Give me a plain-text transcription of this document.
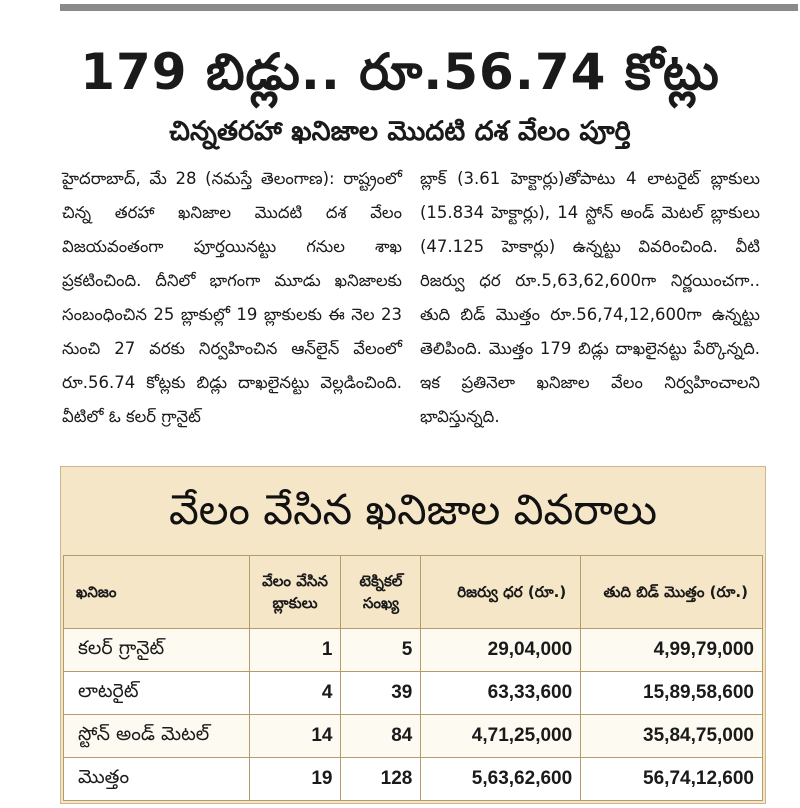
179 బిడ్లు.. రూ.56.74 కోట్లు
చిన్నతరహా ఖనిజాల మొదటి దశ వేలం పూర్తి

హైదరాబాద్‌, మే 28 (నమస్తే తెలంగాణ): రాష్ట్రంలో చిన్న తరహా ఖనిజాల మొదటి దశ వేలం విజయవంతంగా పూర్తయినట్టు గనుల శాఖ ప్రకటించింది. దీనిలో భాగంగా మూడు ఖనిజాలకు సంబంధించిన 25 బ్లాకుల్లో 19 బ్లాకులకు ఈ నెల 23 నుంచి 27 వరకు నిర్వహించిన ఆన్‌లైన్‌ వేలంలో రూ.56.74 కోట్లకు బిడ్లు దాఖలైనట్టు వెల్లడించింది. వీటిలో ఓ కలర్‌ గ్రానైట్‌

బ్లాక్‌ (3.61 హెక్టార్లు)తోపాటు 4 లాటరైట్‌ బ్లాకులు (15.834 హెక్టార్లు), 14 స్టోన్‌ అండ్‌ మెటల్‌ బ్లాకులు (47.125 హెకార్లు) ఉన్నట్టు వివరించింది. వీటి రిజర్వు ధర రూ.5,63,62,600గా నిర్ణయించగా.. తుది బిడ్‌ మొత్తం రూ.56,74,12,600గా ఉన్నట్టు తెలిపింది. మొత్తం 179 బిడ్లు దాఖలైనట్టు పేర్కొన్నది. ఇక ప్రతినెలా ఖనిజాల వేలం నిర్వహించాలని భావిస్తున్నది.

వేలం వేసిన ఖనిజాల వివరాలు
ఖనిజం	వేలం వేసిన బ్లాకులు	టెక్నికల్ సంఖ్య	రిజర్వు ధర (రూ.)	తుది బిడ్ మొత్తం (రూ.)
కలర్ గ్రానైట్	1	5	29,04,000	4,99,79,000
లాటరైట్	4	39	63,33,600	15,89,58,600
స్టోన్ అండ్ మెటల్	14	84	4,71,25,000	35,84,75,000
మొత్తం	19	128	5,63,62,600	56,74,12,600
